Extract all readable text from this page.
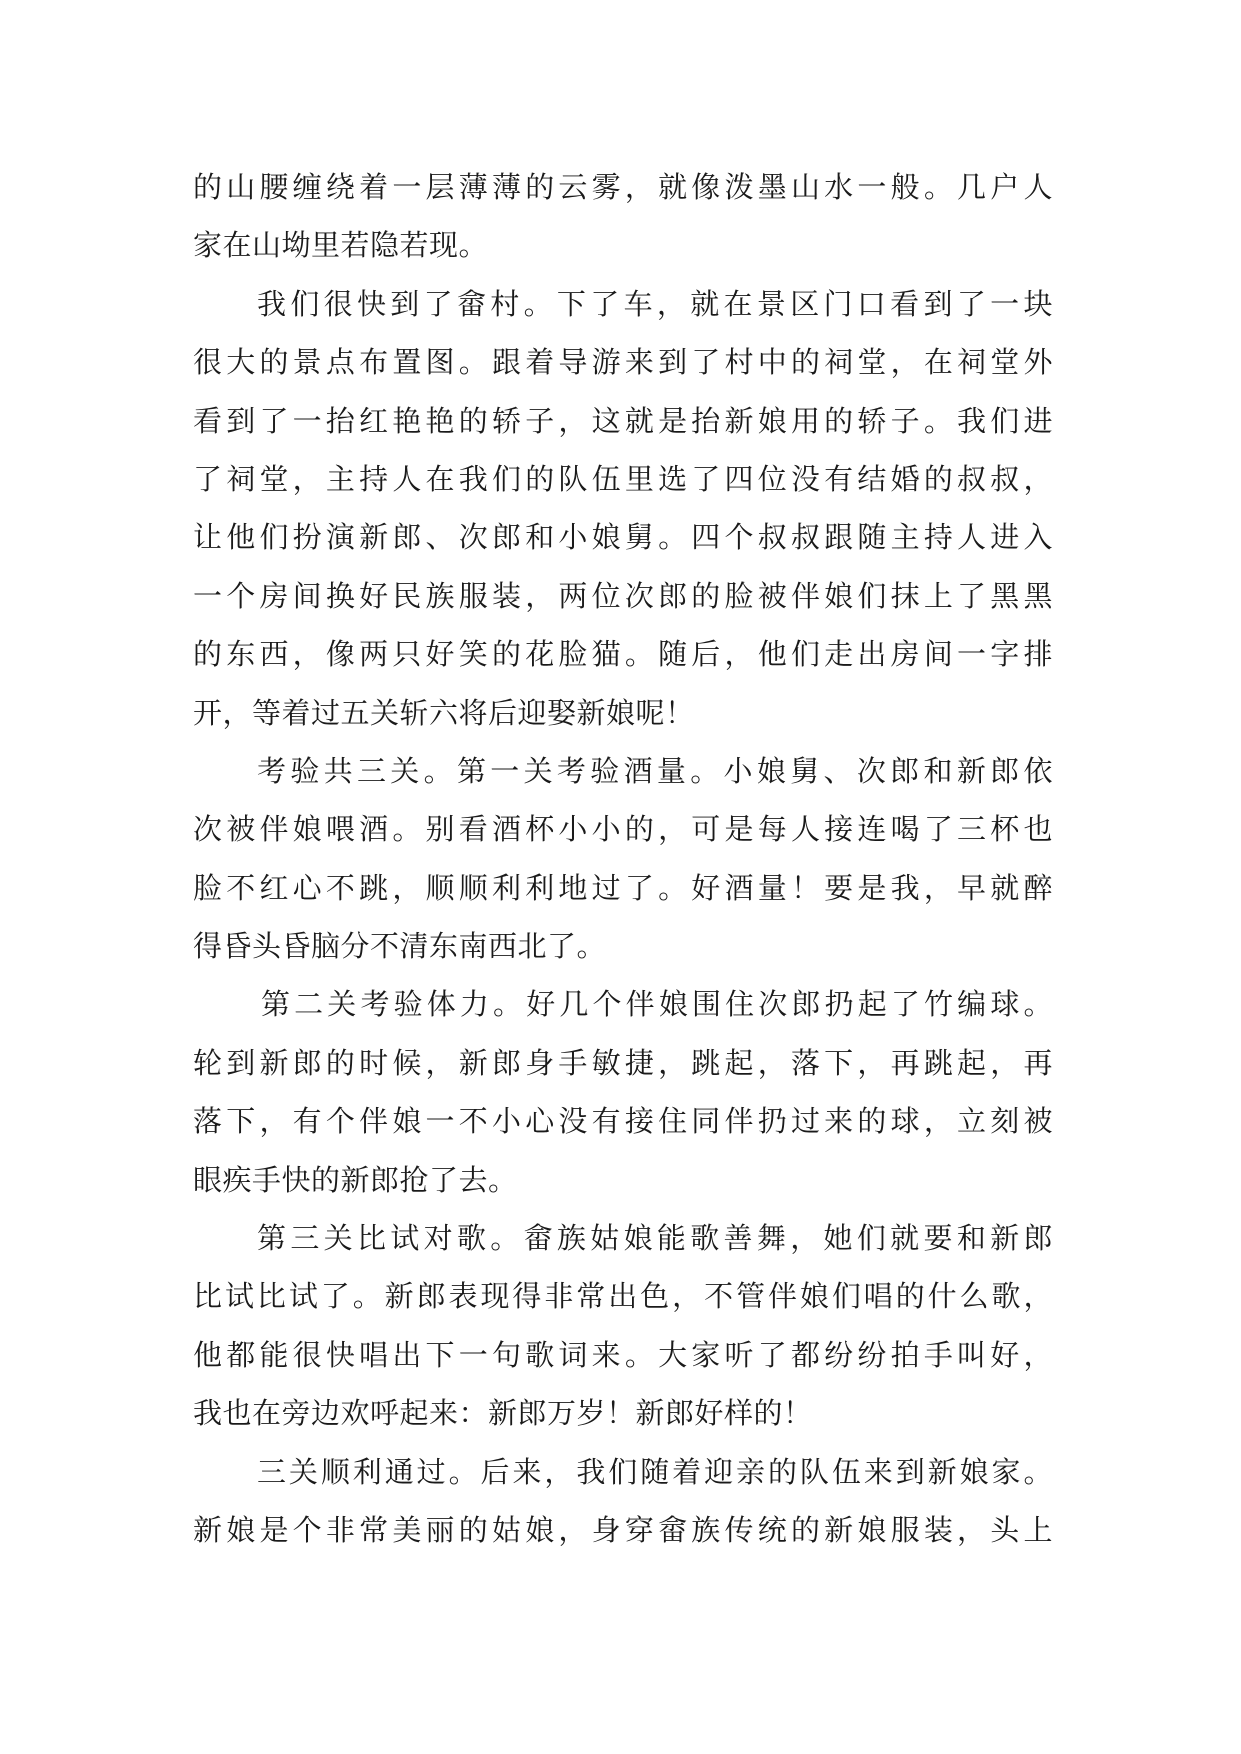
的山腰缠绕着一层薄薄的云雾，就像泼墨山水一般。几户人
家在山坳里若隐若现。
我们很快到了畲村。下了车，就在景区门口看到了一块
很大的景点布置图。跟着导游来到了村中的祠堂，在祠堂外
看到了一抬红艳艳的轿子，这就是抬新娘用的轿子。我们进
了祠堂，主持人在我们的队伍里选了四位没有结婚的叔叔，
让他们扮演新郎、次郎和小娘舅。四个叔叔跟随主持人进入
一个房间换好民族服装，两位次郎的脸被伴娘们抹上了黑黑
的东西，像两只好笑的花脸猫。随后，他们走出房间一字排
开，等着过五关斩六将后迎娶新娘呢！
考验共三关。第一关考验酒量。小娘舅、次郎和新郎依
次被伴娘喂酒。别看酒杯小小的，可是每人接连喝了三杯也
脸不红心不跳，顺顺利利地过了。好酒量！要是我，早就醉
得昏头昏脑分不清东南西北了。
第二关考验体力。好几个伴娘围住次郎扔起了竹编球。
轮到新郎的时候，新郎身手敏捷，跳起，落下，再跳起，再
落下，有个伴娘一不小心没有接住同伴扔过来的球，立刻被
眼疾手快的新郎抢了去。
第三关比试对歌。畲族姑娘能歌善舞，她们就要和新郎
比试比试了。新郎表现得非常出色，不管伴娘们唱的什么歌，
他都能很快唱出下一句歌词来。大家听了都纷纷拍手叫好，
我也在旁边欢呼起来：新郎万岁！新郎好样的！
三关顺利通过。后来，我们随着迎亲的队伍来到新娘家。
新娘是个非常美丽的姑娘，身穿畲族传统的新娘服装，头上
